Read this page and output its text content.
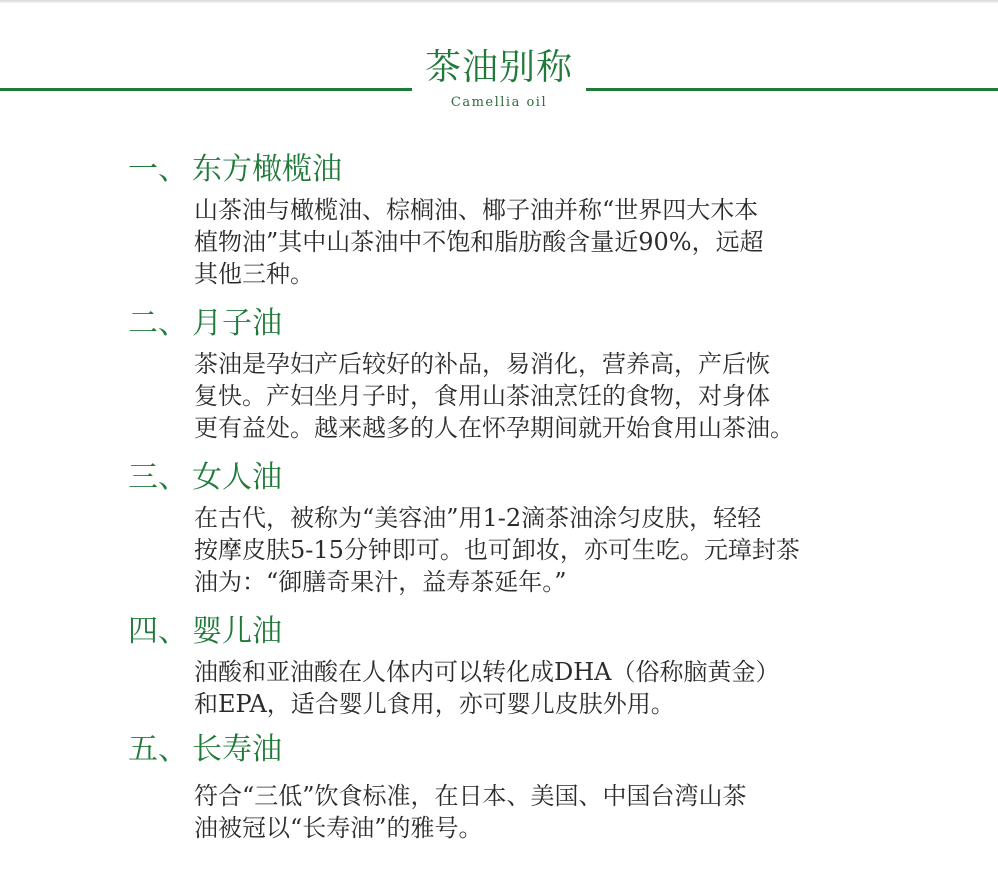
茶油别称
Camellia oil
一、 东方橄榄油
山茶油与橄榄油、棕榈油、椰子油并称“世界四大木本
植物油”其中山茶油中不饱和脂肪酸含量近90%，远超
其他三种。
二、 月子油
茶油是孕妇产后较好的补品，易消化，营养高，产后恢
复快。产妇坐月子时，食用山茶油烹饪的食物，对身体
更有益处。越来越多的人在怀孕期间就开始食用山茶油。
三、 女人油
在古代，被称为“美容油”用1-2滴茶油涂匀皮肤，轻轻
按摩皮肤5-15分钟即可。也可卸妆，亦可生吃。元璋封茶
油为：“御膳奇果汁，益寿茶延年。”
四、 婴儿油
油酸和亚油酸在人体内可以转化成DHA（俗称脑黄金）
和EPA，适合婴儿食用，亦可婴儿皮肤外用。
五、 长寿油
符合“三低”饮食标准，在日本、美国、中国台湾山茶
油被冠以“长寿油”的雅号。
